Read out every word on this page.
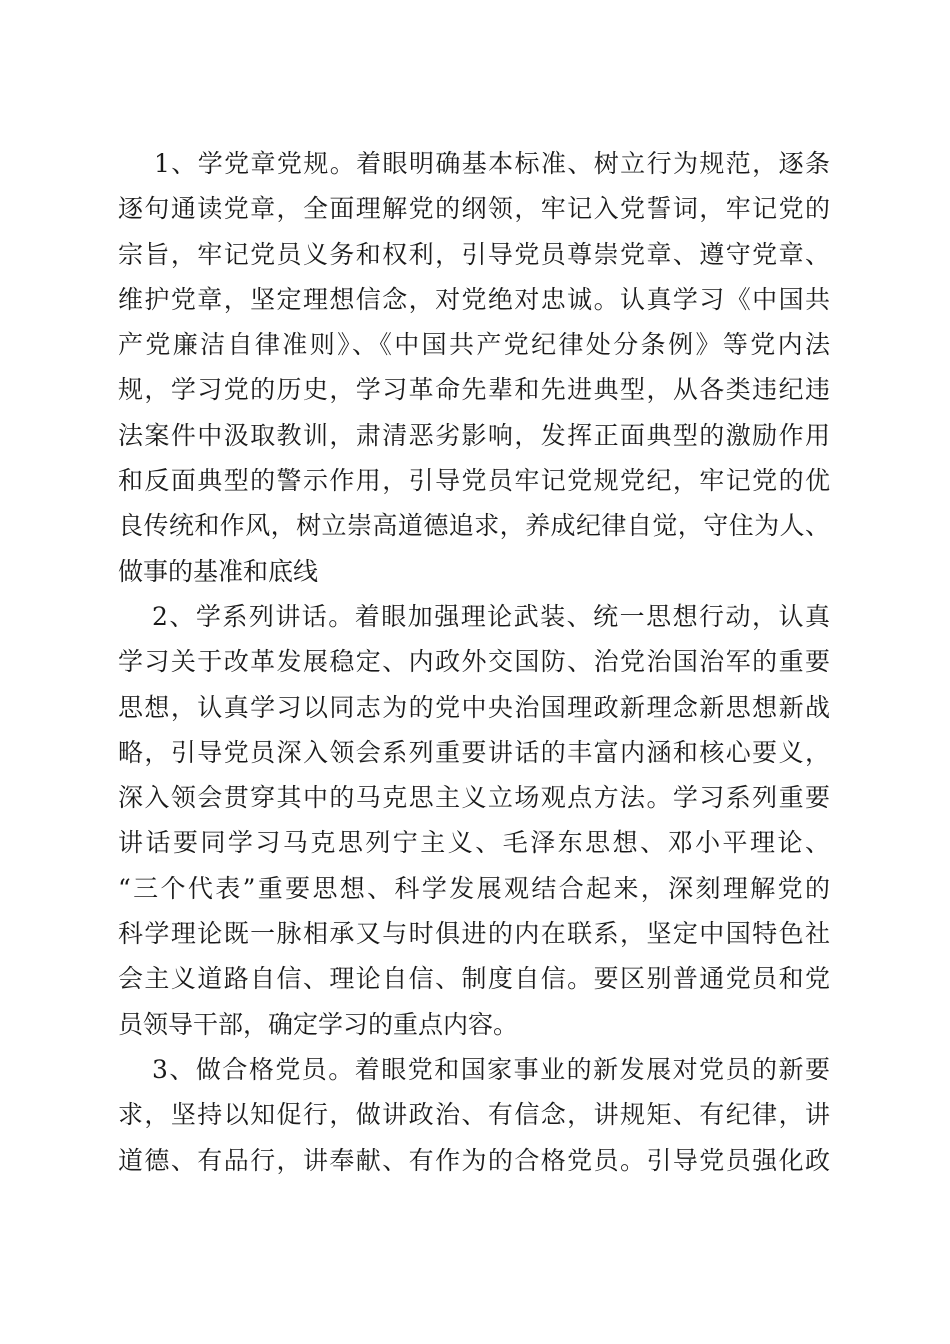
1、学党章党规。着眼明确基本标准、树立行为规范，逐条
逐句通读党章，全面理解党的纲领，牢记入党誓词，牢记党的
宗旨，牢记党员义务和权利，引导党员尊崇党章、遵守党章、
维护党章，坚定理想信念，对党绝对忠诚。认真学习《中国共
产党廉洁自律准则》、《中国共产党纪律处分条例》等党内法
规，学习党的历史，学习革命先辈和先进典型，从各类违纪违
法案件中汲取教训，肃清恶劣影响，发挥正面典型的激励作用
和反面典型的警示作用，引导党员牢记党规党纪，牢记党的优
良传统和作风，树立崇高道德追求，养成纪律自觉，守住为人、
做事的基准和底线
2、学系列讲话。着眼加强理论武装、统一思想行动，认真
学习关于改革发展稳定、内政外交国防、治党治国治军的重要
思想，认真学习以同志为的党中央治国理政新理念新思想新战
略，引导党员深入领会系列重要讲话的丰富内涵和核心要义，
深入领会贯穿其中的马克思主义立场观点方法。学习系列重要
讲话要同学习马克思列宁主义、毛泽东思想、邓小平理论、
“三个代表”重要思想、科学发展观结合起来，深刻理解党的
科学理论既一脉相承又与时俱进的内在联系，坚定中国特色社
会主义道路自信、理论自信、制度自信。要区别普通党员和党
员领导干部，确定学习的重点内容。
3、做合格党员。着眼党和国家事业的新发展对党员的新要
求，坚持以知促行，做讲政治、有信念，讲规矩、有纪律，讲
道德、有品行，讲奉献、有作为的合格党员。引导党员强化政
